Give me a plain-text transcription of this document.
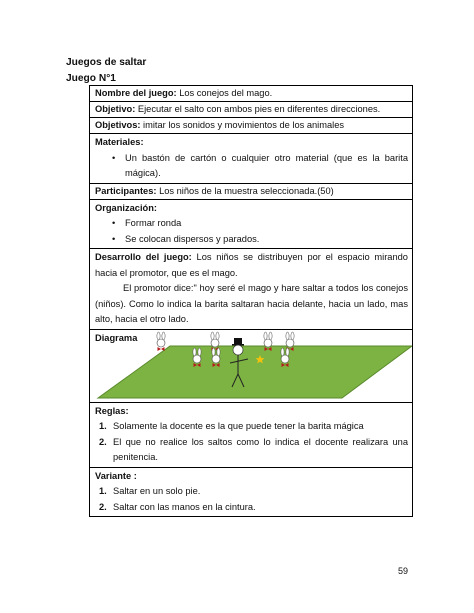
Juegos de saltar
Juego N°1
Nombre del juego: Los conejos del mago.
Objetivo: Ejecutar el salto con ambos pies en diferentes direcciones.
Objetivos: imitar los sonidos y movimientos de los animales
Materiales:
• Un bastón de cartón o cualquier otro material (que es la barita mágica).

Participantes: Los niños de la muestra seleccionada.(50)
Organización:
• Formar ronda
• Se colocan dispersos y parados.

Desarrollo del juego: Los niños se distribuyen por el espacio mirando hacia el promotor, que es el mago.
El promotor dice:" hoy seré el mago y hare saltar a todos los conejos (niños). Como lo indica la barita saltaran hacia delante, hacia un lado, mas alto, hacia el otro lado.

Diagrama

Reglas:
1. Solamente la docente es la que puede tener la barita mágica
2. El que no realice los saltos como lo indica el docente realizara una penitencia.

Variante :
1. Saltar en un solo pie.
2. Saltar con las manos en la cintura.
59
